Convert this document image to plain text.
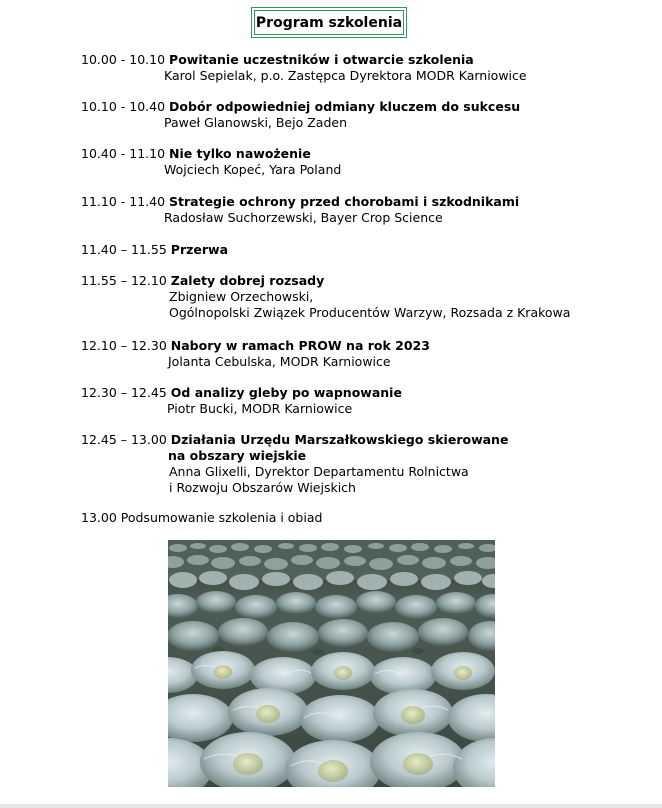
Program szkolenia
10.00 - 10.10 Powitanie uczestników i otwarcie szkolenia
Karol Sepielak, p.o. Zastępca Dyrektora MODR Karniowice
10.10 - 10.40 Dobór odpowiedniej odmiany kluczem do sukcesu
Paweł Glanowski, Bejo Zaden
10.40 - 11.10 Nie tylko nawożenie
Wojciech Kopeć, Yara Poland
11.10 - 11.40 Strategie ochrony przed chorobami i szkodnikami
Radosław Suchorzewski, Bayer Crop Science
11.40 – 11.55 Przerwa
11.55 – 12.10 Zalety dobrej rozsady
Zbigniew Orzechowski,
Ogólnopolski Związek Producentów Warzyw, Rozsada z Krakowa
12.10 – 12.30 Nabory w ramach PROW na rok 2023
Jolanta Cebulska, MODR Karniowice
12.30 – 12.45 Od analizy gleby po wapnowanie
Piotr Bucki, MODR Karniowice
12.45 – 13.00 Działania Urzędu Marszałkowskiego skierowane
na obszary wiejskie
Anna Glixelli, Dyrektor Departamentu Rolnictwa
i Rozwoju Obszarów Wiejskich
13.00 Podsumowanie szkolenia i obiad
